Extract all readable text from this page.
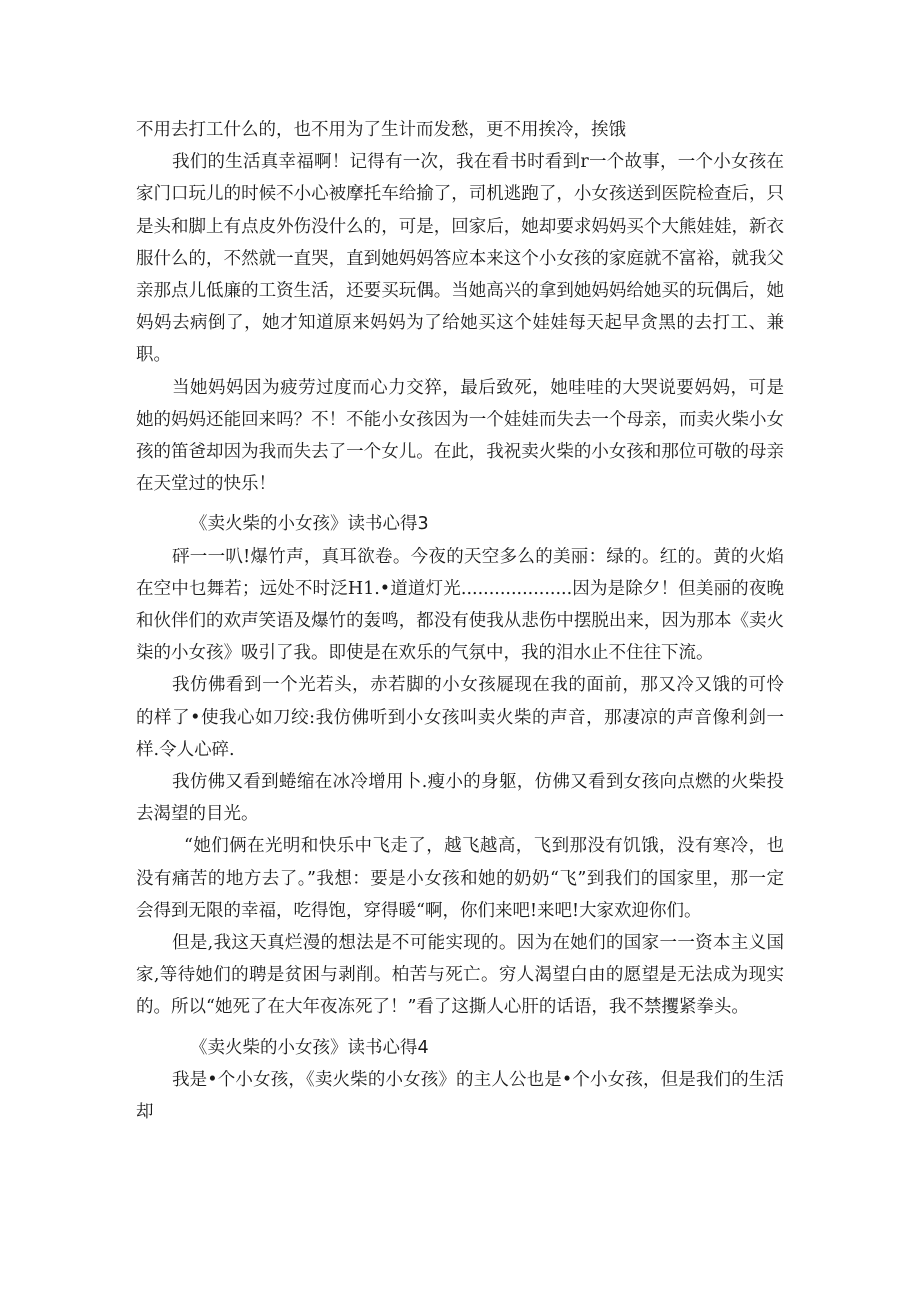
不用去打工什么的，也不用为了生计而发愁，更不用挨冷，挨饿

我们的生活真幸福啊！记得有一次，我在看书时看到r一个故事，一个小女孩在家门口玩儿的时候不小心被摩托车给揄了，司机逃跑了，小女孩送到医院检查后，只是头和脚上有点皮外伤没什么的，可是，回家后，她却要求妈妈买个大熊娃娃，新衣服什么的，不然就一直哭，直到她妈妈答应本来这个小女孩的家庭就不富裕，就我父亲那点儿低廉的工资生活，还要买玩偶。当她高兴的拿到她妈妈给她买的玩偶后，她妈妈去病倒了，她才知道原来妈妈为了给她买这个娃娃每天起早贪黑的去打工、兼职。

当她妈妈因为疲劳过度而心力交猝，最后致死，她哇哇的大哭说要妈妈，可是她的妈妈还能回来吗？不！不能小女孩因为一个娃娃而失去一个母亲，而卖火柴小女孩的笛爸却因为我而失去了一个女儿。在此，我祝卖火柴的小女孩和那位可敬的母亲在天堂过的快乐！

《卖火柴的小女孩》读书心得3

砰一一叭!爆竹声，真耳欲卷。今夜的天空多么的美丽：绿的。红的。黄的火焰在空中乜舞若；远处不时泛H1.•道道灯光....................因为是除夕！但美丽的夜晚和伙伴们的欢声笑语及爆竹的轰鸣，都没有使我从悲伤中摆脱出来，因为那本《卖火柒的小女孩》吸引了我。即使是在欢乐的气氛中，我的泪水止不住往下流。

我仿佛看到一个光若头，赤若脚的小女孩屣现在我的面前，那又冷又饿的可怜的样了•使我心如刀绞:我仿佛听到小女孩叫卖火柴的声音，那凄凉的声音像利剑一样.令人心碎.

我仿佛又看到蜷缩在冰冷增用卜.瘦小的身躯，仿佛又看到女孩向点燃的火柴投去渴望的目光。

“她们俩在光明和快乐中飞走了，越飞越高，飞到那没有饥饿，没有寒冷，也没有痛苦的地方去了。”我想：要是小女孩和她的奶奶“飞”到我们的国家里，那一定会得到无限的幸福，吃得饱，穿得暖“啊，你们来吧!来吧!大家欢迎你们。

但是,我这天真烂漫的想法是不可能实现的。因为在她们的国家一一资本主义国家,等待她们的聘是贫困与剥削。柏苦与死亡。穷人渴望白由的愿望是无法成为现实的。所以“她死了在大年夜冻死了！”看了这撕人心肝的话语，我不禁攫紧拳头。

《卖火柴的小女孩》读书心得4

我是•个小女孩，《卖火柴的小女孩》的主人公也是•个小女孩，但是我们的生活却
